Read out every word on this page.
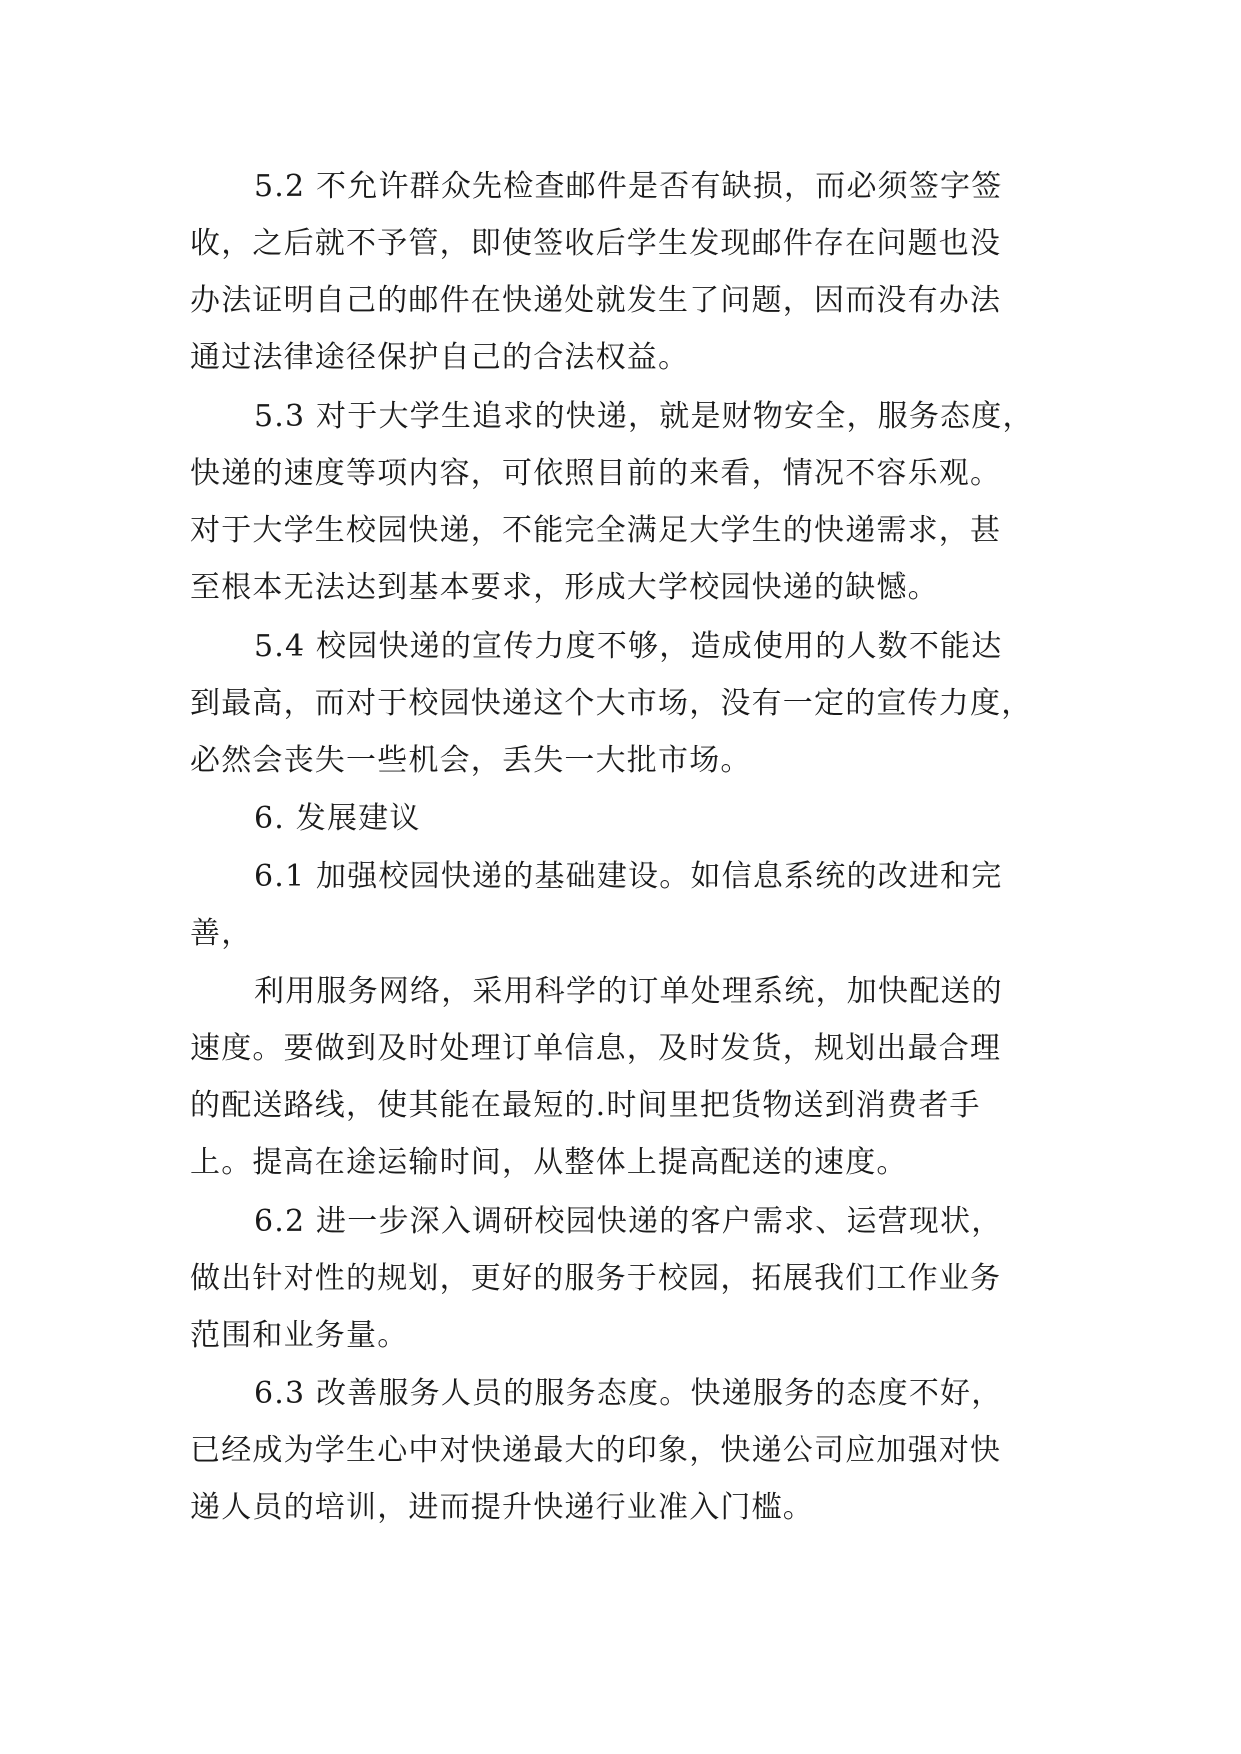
5.2 不允许群众先检查邮件是否有缺损，而必须签字签
收，之后就不予管，即使签收后学生发现邮件存在问题也没
办法证明自己的邮件在快递处就发生了问题，因而没有办法
通过法律途径保护自己的合法权益。
5.3 对于大学生追求的快递，就是财物安全，服务态度，
快递的速度等项内容，可依照目前的来看，情况不容乐观。
对于大学生校园快递，不能完全满足大学生的快递需求，甚
至根本无法达到基本要求，形成大学校园快递的缺憾。
5.4 校园快递的宣传力度不够，造成使用的人数不能达
到最高，而对于校园快递这个大市场，没有一定的宣传力度，
必然会丧失一些机会，丢失一大批市场。
6. 发展建议
6.1 加强校园快递的基础建设。如信息系统的改进和完
善，
利用服务网络，采用科学的订单处理系统，加快配送的
速度。要做到及时处理订单信息，及时发货，规划出最合理
的配送路线，使其能在最短的.时间里把货物送到消费者手
上。提高在途运输时间，从整体上提高配送的速度。
6.2 进一步深入调研校园快递的客户需求、运营现状，
做出针对性的规划，更好的服务于校园，拓展我们工作业务
范围和业务量。
6.3 改善服务人员的服务态度。快递服务的态度不好，
已经成为学生心中对快递最大的印象，快递公司应加强对快
递人员的培训，进而提升快递行业准入门槛。
